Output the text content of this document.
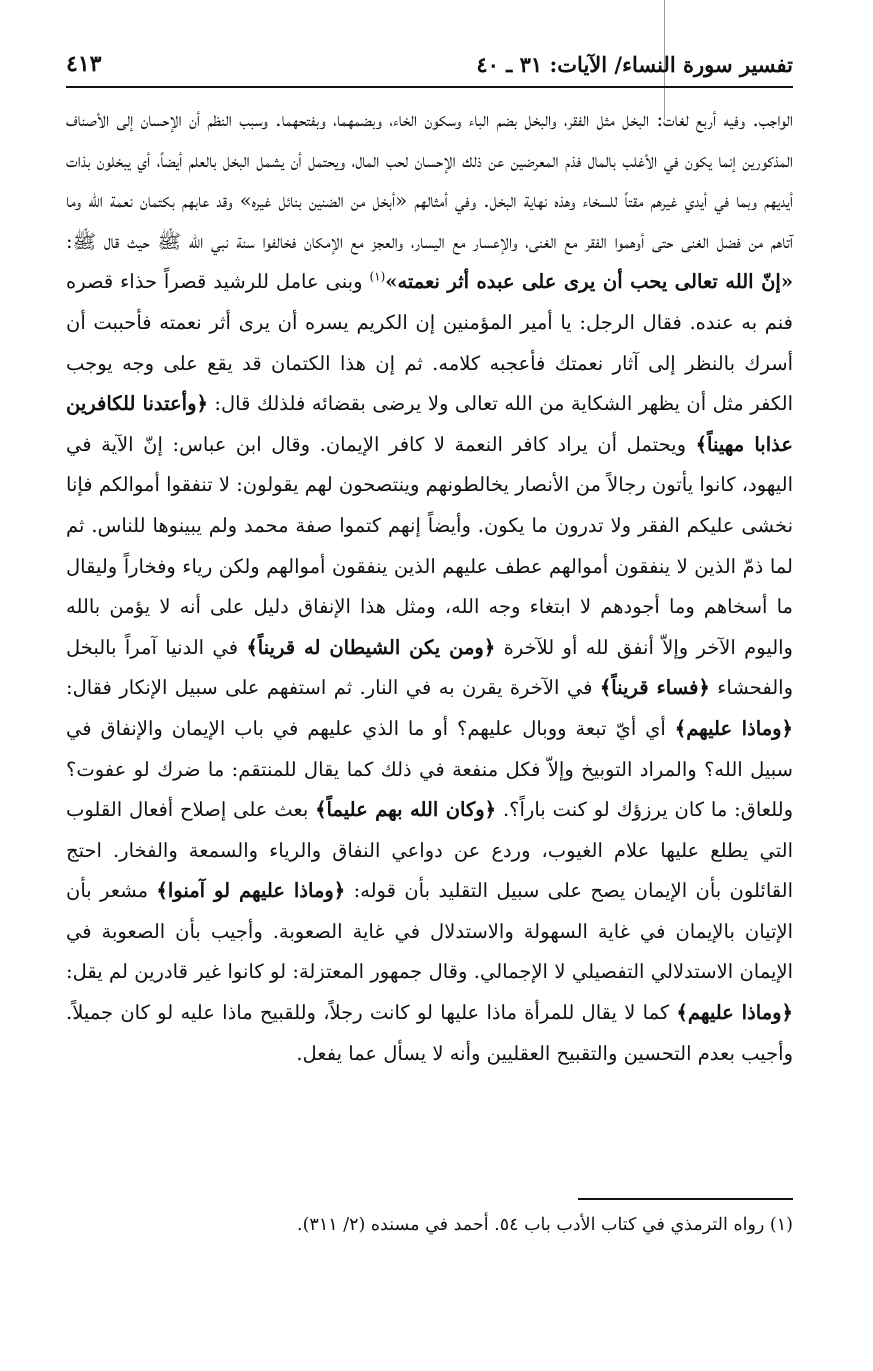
تفسير سورة النساء/ الآيات: ٣١ ـ ٤٠
٤١٣
الواجب. وفيه أربع لغات: البخل مثل الفقر، والبخل بضم الباء وسكون الخاء، وبضمهما، وبفتحهما. وسبب النظم أن الإحسان إلى الأصناف المذكورين إنما يكون في الأغلب بالمال فذم المعرضين عن ذلك الإحسان لحب المال، ويحتمل أن يشمل البخل بالعلم أيضاً، أي يبخلون بذات أيديهم وبما في أيدي غيرهم مقتاً للسخاء وهذه نهاية البخل. وفي أمثالهم «أبخل من الضنين بنائل غيره» وقد عابهم بكتمان نعمة الله وما آتاهم من فضل الغنى حتى أوهموا الفقر مع الغنى، والإعسار مع اليسار، والعجز مع الإمكان فخالفوا سنة نبي الله ﷺ حيث قال ﷺ: «إنّ الله تعالى يحب أن يرى على عبده أثر نعمته»$^{(١)}$ وبنى عامل للرشيد قصراً حذاء قصره فنم به عنده. فقال الرجل: يا أمير المؤمنين إن الكريم يسره أن يرى أثر نعمته فأحببت أن أسرك بالنظر إلى آثار نعمتك فأعجبه كلامه. ثم إن هذا الكتمان قد يقع على وجه يوجب الكفر مثل أن يظهر الشكاية من الله تعالى ولا يرضى بقضائه فلذلك قال: ﴿وأعتدنا للكافرين عذابا مهيناً﴾ ويحتمل أن يراد كافر النعمة لا كافر الإيمان. وقال ابن عباس: إنّ الآية في اليهود، كانوا يأتون رجالاً من الأنصار يخالطونهم وينتصحون لهم يقولون: لا تنفقوا أموالكم فإنا نخشى عليكم الفقر ولا تدرون ما يكون. وأيضاً إنهم كتموا صفة محمد ولم يبينوها للناس. ثم لما ذمّ الذين لا ينفقون أموالهم عطف عليهم الذين ينفقون أموالهم ولكن رياء وفخاراً وليقال ما أسخاهم وما أجودهم لا ابتغاء وجه الله، ومثل هذا الإنفاق دليل على أنه لا يؤمن بالله واليوم الآخر وإلاّ أنفق لله أو للآخرة ﴿ومن يكن الشيطان له قريناً﴾ في الدنيا آمراً بالبخل والفحشاء ﴿فساء قريناً﴾ في الآخرة يقرن به في النار. ثم استفهم على سبيل الإنكار فقال: ﴿وماذا عليهم﴾ أي أيّ تبعة ووبال عليهم؟ أو ما الذي عليهم في باب الإيمان والإنفاق في سبيل الله؟ والمراد التوبيخ وإلاّ فكل منفعة في ذلك كما يقال للمنتقم: ما ضرك لو عفوت؟ وللعاق: ما كان يرزؤك لو كنت باراً؟. ﴿وكان الله بهم عليماً﴾ بعث على إصلاح أفعال القلوب التي يطلع عليها علام الغيوب، وردع عن دواعي النفاق والرياء والسمعة والفخار. احتج القائلون بأن الإيمان يصح على سبيل التقليد بأن قوله: ﴿وماذا عليهم لو آمنوا﴾ مشعر بأن الإتيان بالإيمان في غاية السهولة والاستدلال في غاية الصعوبة. وأجيب بأن الصعوبة في الإيمان الاستدلالي التفصيلي لا الإجمالي. وقال جمهور المعتزلة: لو كانوا غير قادرين لم يقل: ﴿وماذا عليهم﴾ كما لا يقال للمرأة ماذا عليها لو كانت رجلاً، وللقبيح ماذا عليه لو كان جميلاً. وأجيب بعدم التحسين والتقبيح العقليين وأنه لا يسأل عما يفعل.
(١) رواه الترمذي في كتاب الأدب باب ٥٤. أحمد في مسنده (٢/ ٣١١).
